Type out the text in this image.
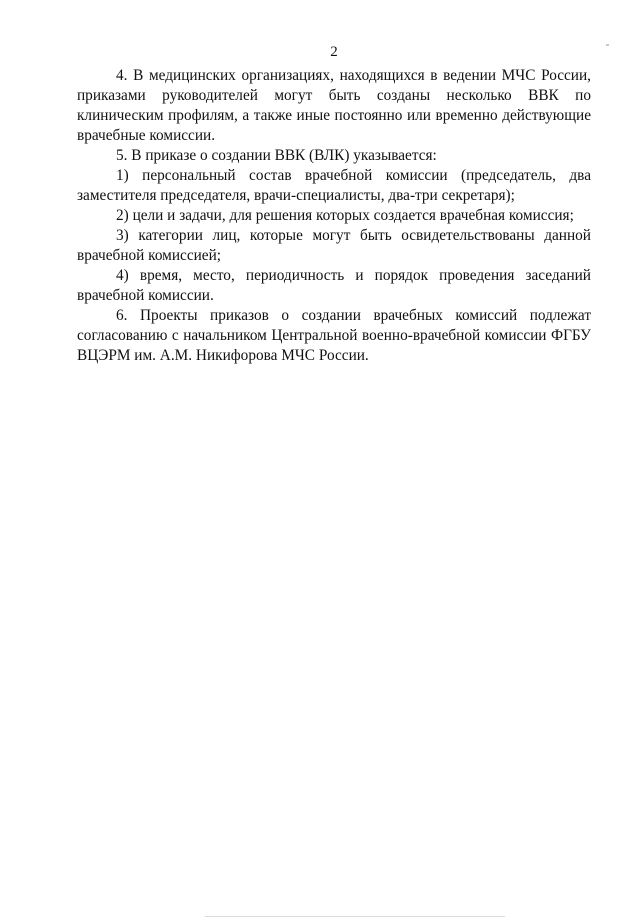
2

4. В медицинских организациях, находящихся в ведении МЧС России, приказами руководителей могут быть созданы несколько ВВК по клиническим профилям, а также иные постоянно или временно действующие врачебные комиссии.

5. В приказе о создании ВВК (ВЛК) указывается:

1) персональный состав врачебной комиссии (председатель, два заместителя председателя, врачи-специалисты, два-три секретаря);

2) цели и задачи, для решения которых создается врачебная комиссия;

3) категории лиц, которые могут быть освидетельствованы данной врачебной комиссией;

4) время, место, периодичность и порядок проведения заседаний врачебной комиссии.

6. Проекты приказов о создании врачебных комиссий подлежат согласованию с начальником Центральной военно-врачебной комиссии ФГБУ ВЦЭРМ им. А.М. Никифорова МЧС России.
